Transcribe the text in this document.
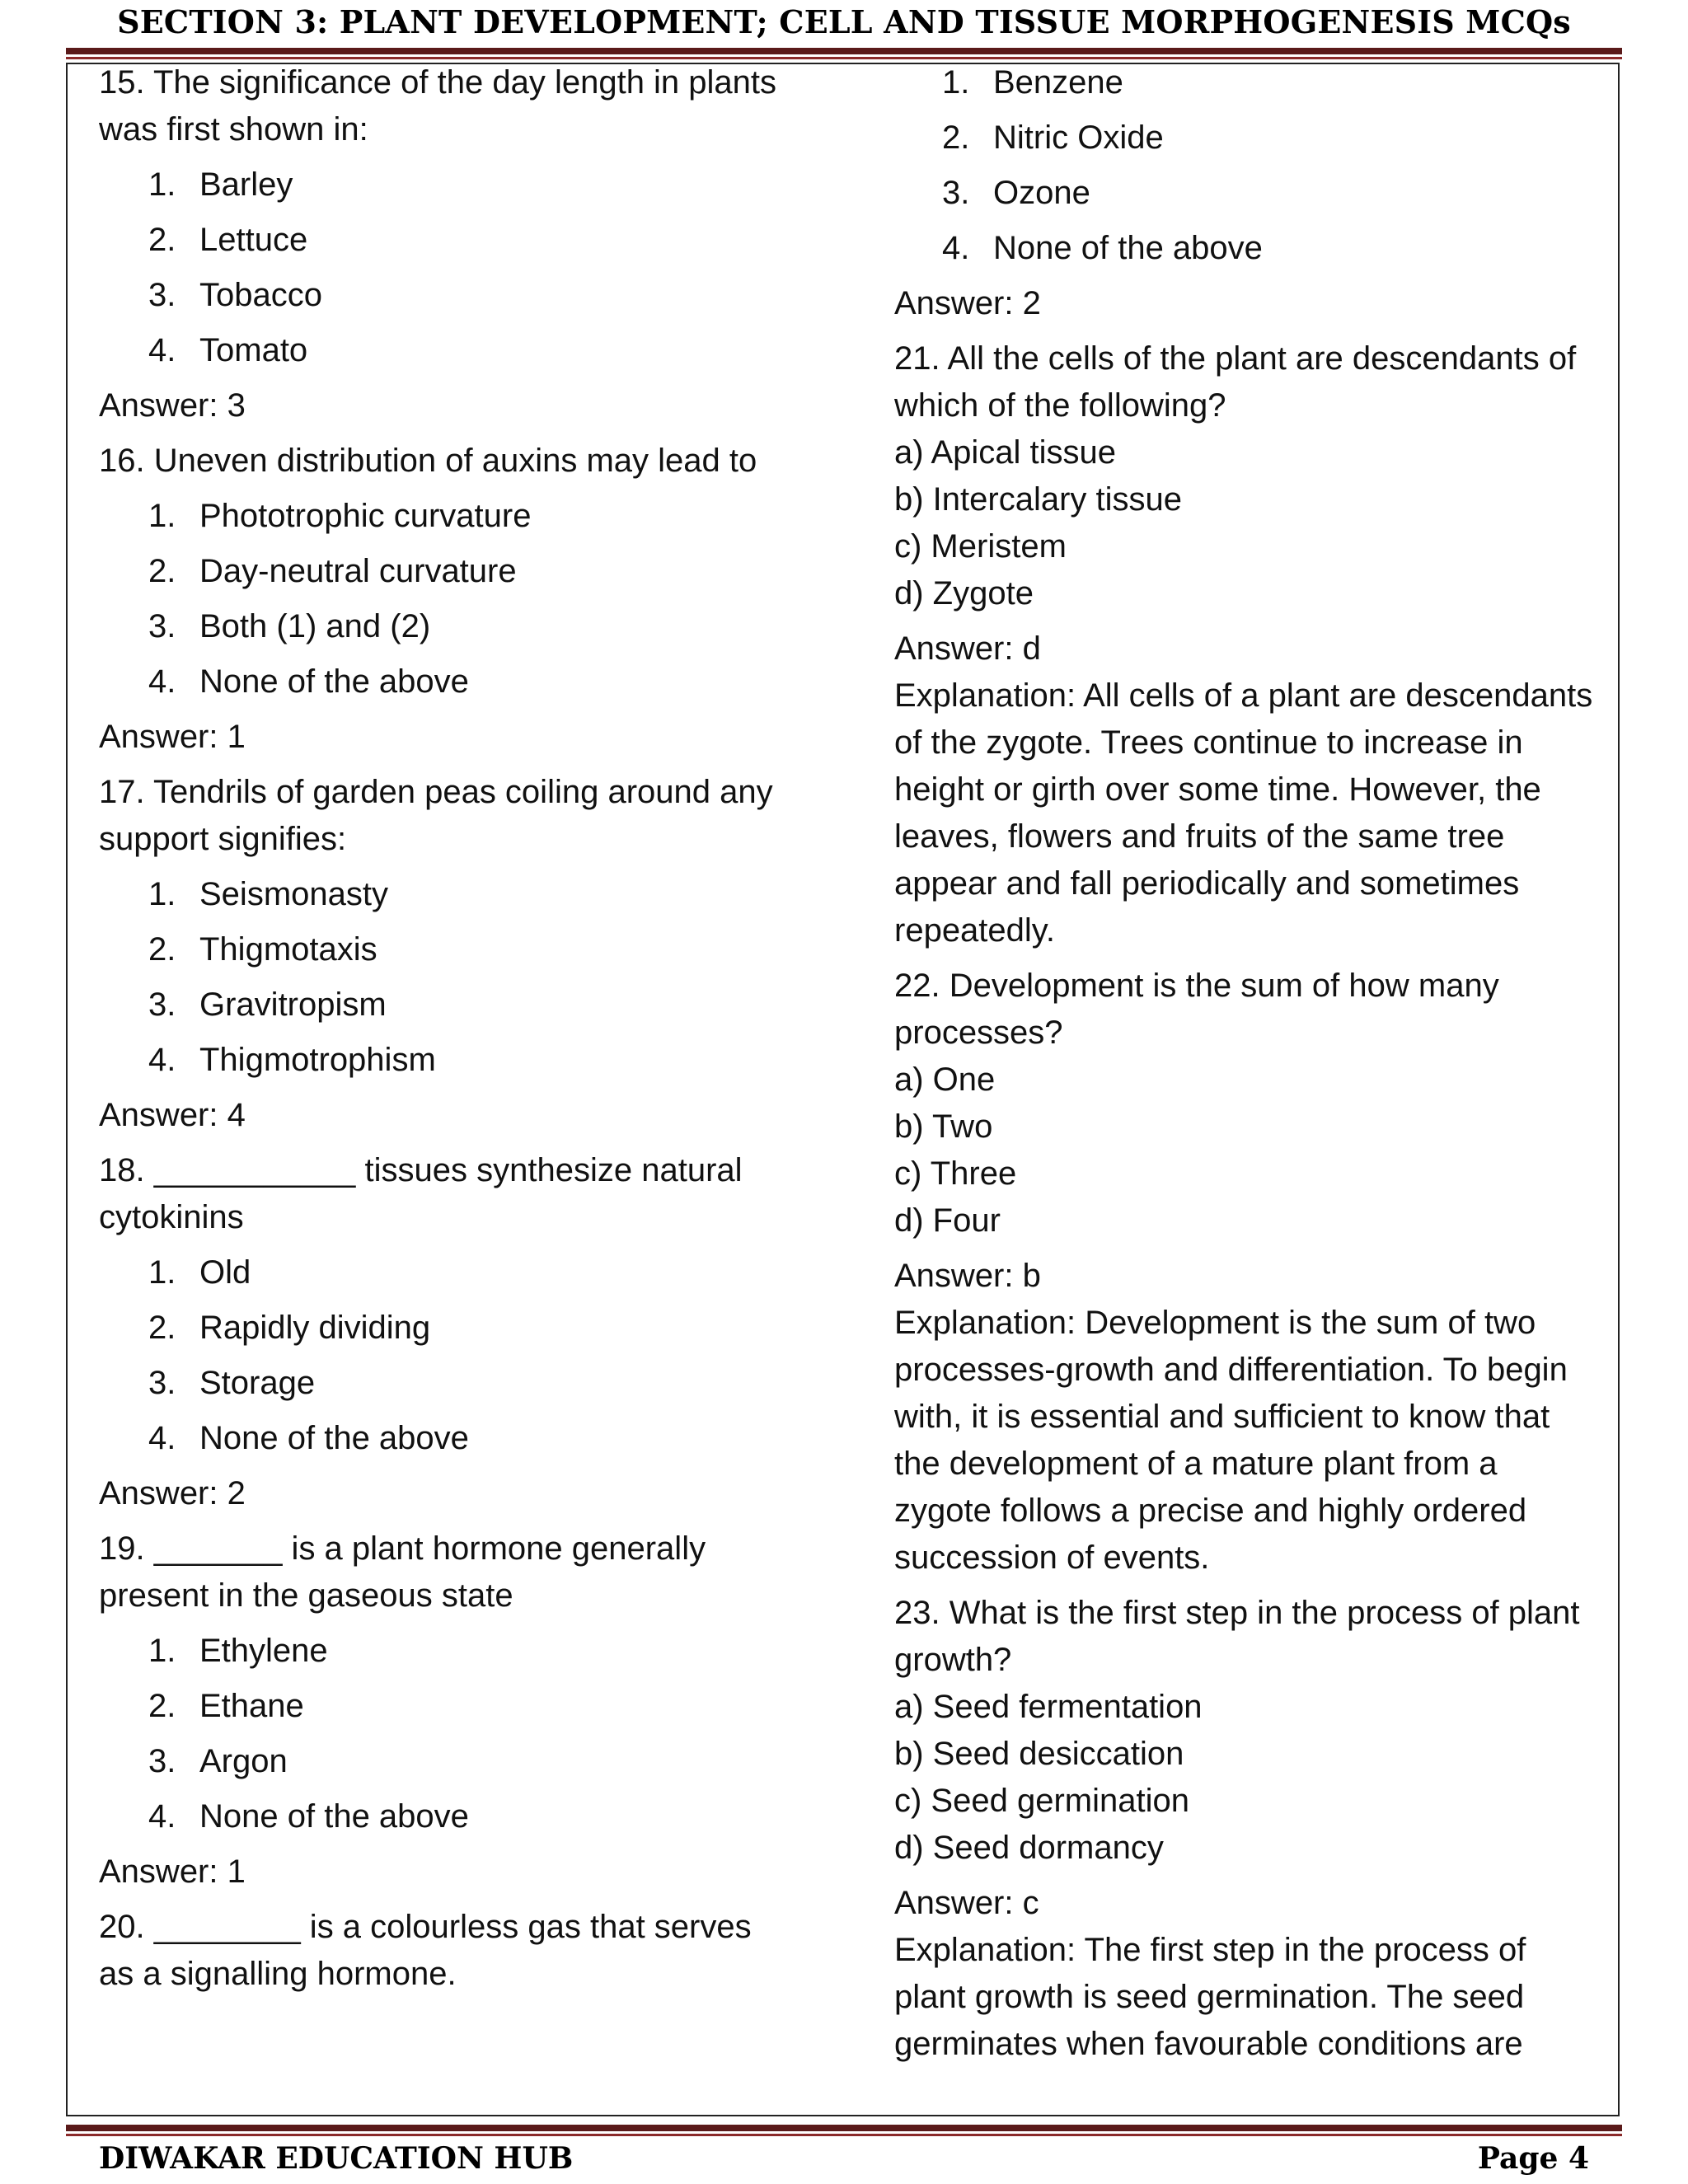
SECTION 3: PLANT DEVELOPMENT; CELL AND TISSUE MORPHOGENESIS MCQs

15. The significance of the day length in plants was first shown in:

1. Barley
2. Lettuce
3. Tobacco
4. Tomato

Answer: 3

16. Uneven distribution of auxins may lead to

1. Phototrophic curvature
2. Day-neutral curvature
3. Both (1) and (2)
4. None of the above

Answer: 1

17. Tendrils of garden peas coiling around any support signifies:

1. Seismonasty
2. Thigmotaxis
3. Gravitropism
4. Thigmotrophism

Answer: 4

18. ___________ tissues synthesize natural cytokinins

1. Old
2. Rapidly dividing
3. Storage
4. None of the above

Answer: 2

19. _______ is a plant hormone generally present in the gaseous state

1. Ethylene
2. Ethane
3. Argon
4. None of the above

Answer: 1

20. ________ is a colourless gas that serves as a signalling hormone.

1. Benzene
2. Nitric Oxide
3. Ozone
4. None of the above

Answer: 2

21. All the cells of the plant are descendants of which of the following?

a) Apical tissue
b) Intercalary tissue
c) Meristem
d) Zygote

Answer: d

Explanation: All cells of a plant are descendants of the zygote. Trees continue to increase in height or girth over some time. However, the leaves, flowers and fruits of the same tree appear and fall periodically and sometimes repeatedly.

22. Development is the sum of how many processes?

a) One
b) Two
c) Three
d) Four

Answer: b

Explanation: Development is the sum of two processes-growth and differentiation. To begin with, it is essential and sufficient to know that the development of a mature plant from a zygote follows a precise and highly ordered succession of events.

23. What is the first step in the process of plant growth?

a) Seed fermentation
b) Seed desiccation
c) Seed germination
d) Seed dormancy

Answer: c

Explanation: The first step in the process of plant growth is seed germination. The seed germinates when favourable conditions are

DIWAKAR EDUCATION HUB	Page 4
